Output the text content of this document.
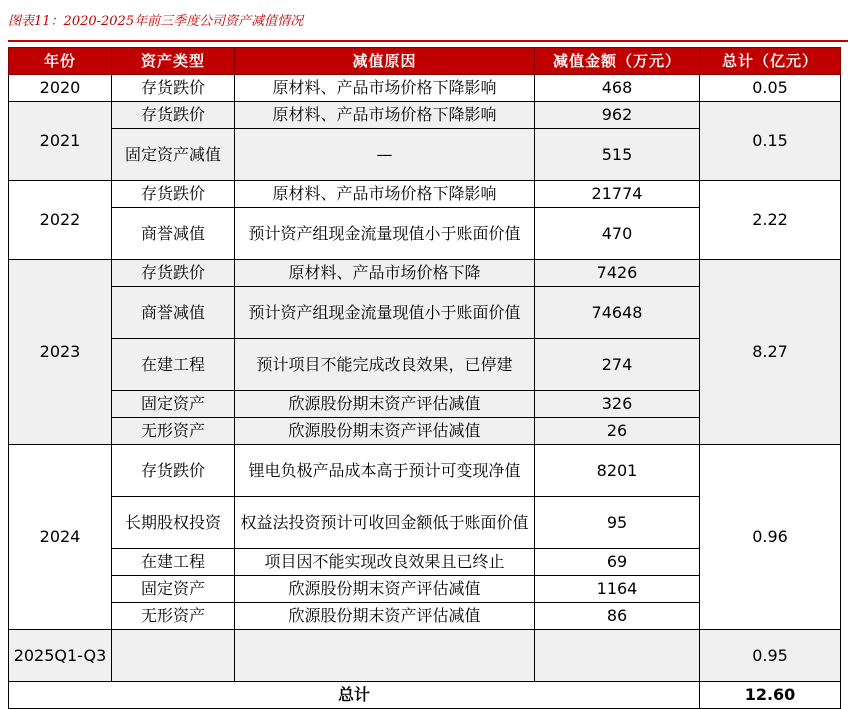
图表11：2020-2025年前三季度公司资产减值情况
年份	资产类型	减值原因	减值金额（万元）	总计（亿元）
2020	存货跌价	原材料、产品市场价格下降影响	468	0.05
2021	存货跌价	原材料、产品市场价格下降影响	962	0.15
	固定资产减值	—	515	
2022	存货跌价	原材料、产品市场价格下降影响	21774	2.22
	商誉减值	预计资产组现金流量现值小于账面价值	470	
2023	存货跌价	原材料、产品市场价格下降	7426	8.27
	商誉减值	预计资产组现金流量现值小于账面价值	74648	
	在建工程	预计项目不能完成改良效果，已停建	274	
	固定资产	欣源股份期末资产评估减值	326	
	无形资产	欣源股份期末资产评估减值	26	
2024	存货跌价	锂电负极产品成本高于预计可变现净值	8201	0.96
	长期股权投资	权益法投资预计可收回金额低于账面价值	95	
	在建工程	项目因不能实现改良效果且已终止	69	
	固定资产	欣源股份期末资产评估减值	1164	
	无形资产	欣源股份期末资产评估减值	86	
2025Q1-Q3				0.95
总计				12.60
